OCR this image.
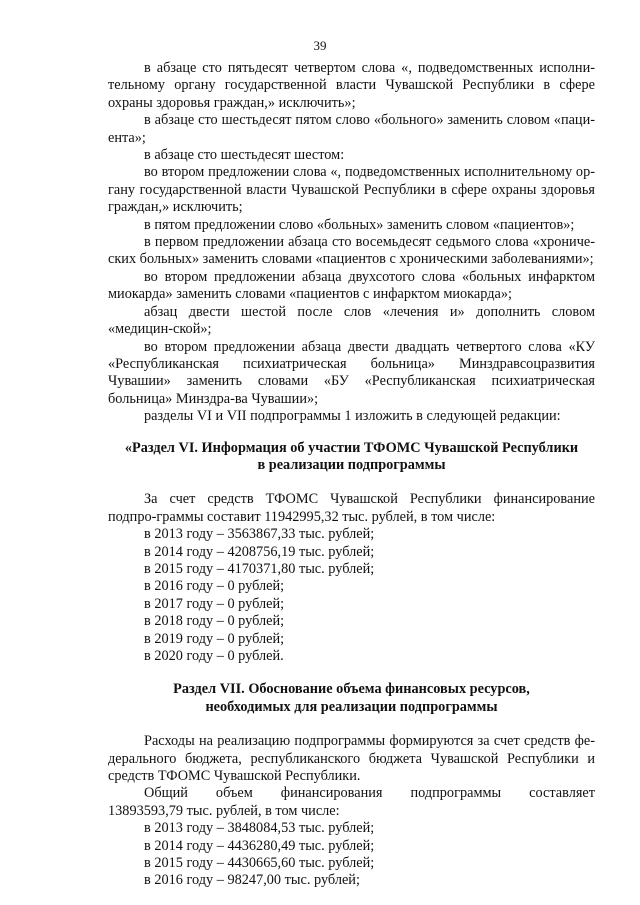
39

в абзаце сто пятьдесят четвертом слова «, подведомственных исполни-тельному органу государственной власти Чувашской Республики в сфере охраны здоровья граждан,» исключить»;

в абзаце сто шестьдесят пятом слово «больного» заменить словом «паци-ента»;

в абзаце сто шестьдесят шестом:

во втором предложении слова «, подведомственных исполнительному ор-гану государственной власти Чувашской Республики в сфере охраны здоровья граждан,» исключить;

в пятом предложении слово «больных» заменить словом «пациентов»;

в первом предложении абзаца сто восемьдесят седьмого слова «хрониче-ских больных» заменить словами «пациентов с хроническими заболеваниями»;

во втором предложении абзаца двухсотого слова «больных инфарктом миокарда» заменить словами «пациентов с инфарктом миокарда»;

абзац двести шестой после слов «лечения и» дополнить словом «медицин-ской»;

во втором предложении абзаца двести двадцать четвертого слова «КУ «Республиканская психиатрическая больница» Минздравсоцразвития Чувашии» заменить словами «БУ «Республиканская психиатрическая больница» Минздра-ва Чувашии»;

разделы VI и VII подпрограммы 1 изложить в следующей редакции:

«Раздел VI. Информация об участии ТФОМС Чувашской Республики

в реализации подпрограммы

За счет средств ТФОМС Чувашской Республики финансирование подпро-граммы составит 11942995,32 тыс. рублей, в том числе:

в 2013 году – 3563867,33 тыс. рублей;

в 2014 году – 4208756,19 тыс. рублей;

в 2015 году – 4170371,80 тыс. рублей;

в 2016 году – 0 рублей;

в 2017 году – 0 рублей;

в 2018 году – 0 рублей;

в 2019 году – 0 рублей;

в 2020 году – 0 рублей.

Раздел VII. Обоснование объема финансовых ресурсов,

необходимых для реализации подпрограммы

Расходы на реализацию подпрограммы формируются за счет средств фе-дерального бюджета, республиканского бюджета Чувашской Республики и средств ТФОМС Чувашской Республики.

Общий объем финансирования подпрограммы составляет

13893593,79 тыс. рублей, в том числе:

в 2013 году – 3848084,53 тыс. рублей;

в 2014 году – 4436280,49 тыс. рублей;

в 2015 году – 4430665,60 тыс. рублей;

в 2016 году – 98247,00 тыс. рублей;
